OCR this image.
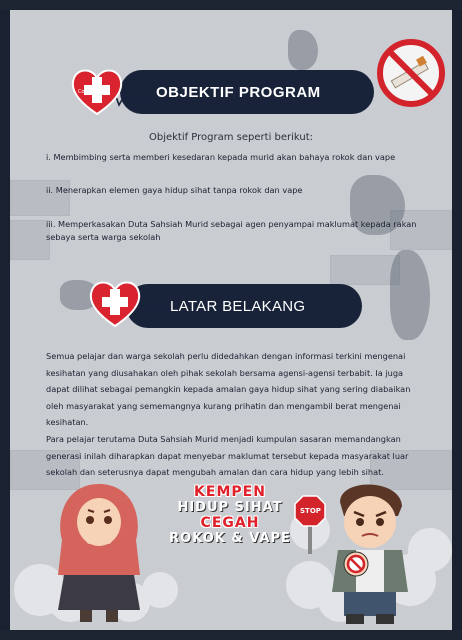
OBJEKTIF PROGRAM
Contra
Objektif Program seperti berikut:
i. Membimbing serta memberi kesedaran kepada murid akan bahaya rokok dan vape
ii. Menerapkan elemen gaya hidup sihat tanpa rokok dan vape
iii. Memperkasakan Duta Sahsiah Murid sebagai agen penyampai maklumat kepada rakan sebaya serta warga sekolah
LATAR BELAKANG
Semua pelajar dan warga sekolah perlu didedahkan dengan informasi terkini mengenai kesihatan yang diusahakan oleh pihak sekolah bersama agensi-agensi terbabit. Ia juga dapat dilihat sebagai pemangkin kepada amalan gaya hidup sihat yang sering diabaikan oleh masyarakat yang sememangnya kurang prihatin dan mengambil berat mengenai kesihatan.
Para pelajar terutama Duta Sahsiah Murid menjadi kumpulan sasaran memandangkan generasi inilah diharapkan dapat menyebar maklumat tersebut kepada masyarakat luar sekolah dan seterusnya dapat mengubah amalan dan cara hidup yang lebih sihat.
STOP
KEMPEN
HIDUP SIHAT
CEGAH
ROKOK & VAPE
